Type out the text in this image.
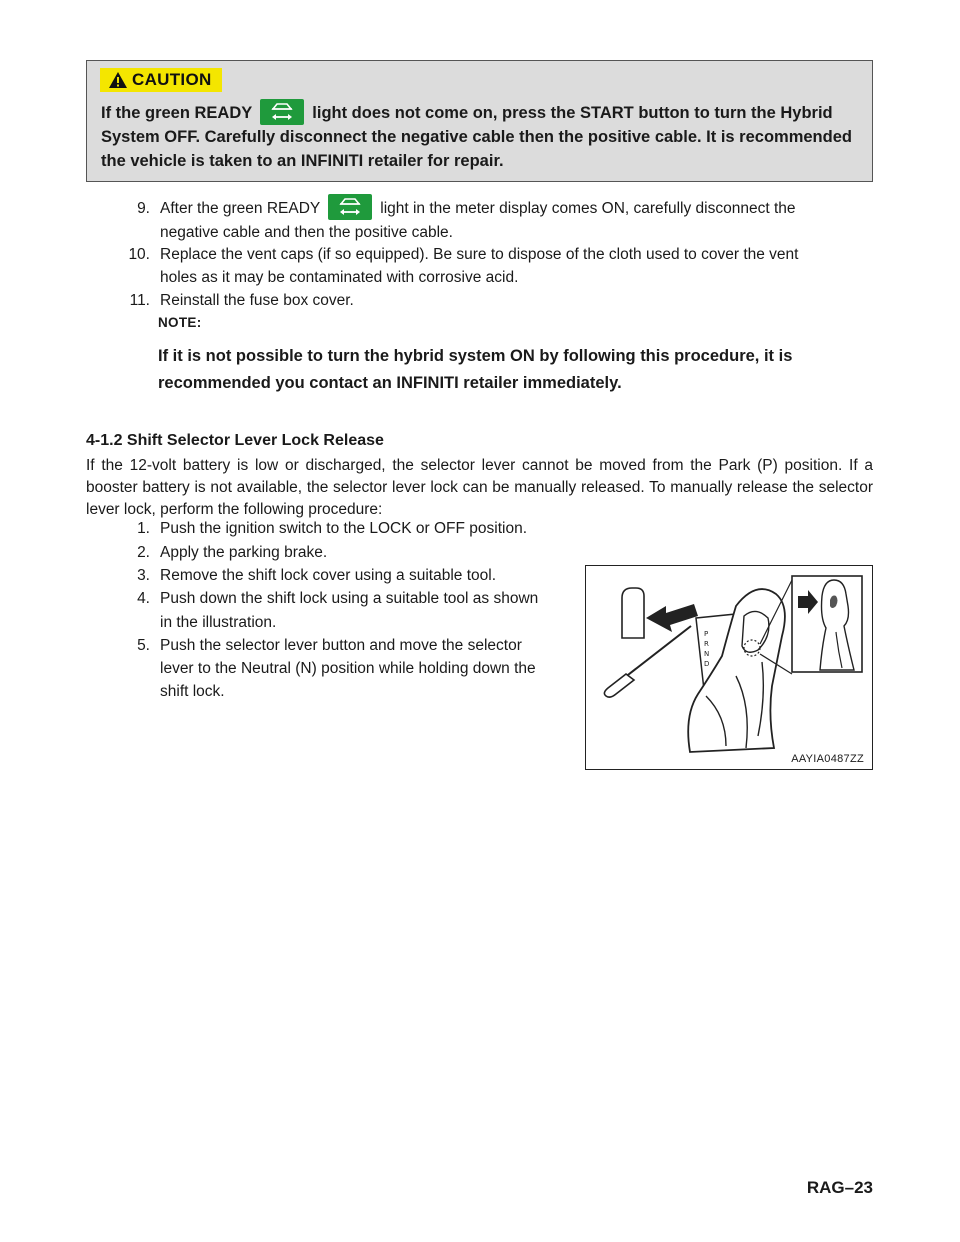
CAUTION
If the green READY	light does not come on, press the START button to turn the Hybrid System OFF. Carefully disconnect the negative cable then the positive cable. It is recommended the vehicle is taken to an INFINITI retailer for repair.
9. After the green READY	light in the meter display comes ON, carefully disconnect the
negative cable and then the positive cable.
10. Replace the vent caps (if so equipped). Be sure to dispose of the cloth used to cover the vent
holes as it may be contaminated with corrosive acid.
11. Reinstall the fuse box cover.
NOTE:
If it is not possible to turn the hybrid system ON by following this procedure, it is
recommended you contact an INFINITI retailer immediately.
4-1.2 Shift Selector Lever Lock Release
If the 12-volt battery is low or discharged, the selector lever cannot be moved from the Park (P) position. If a booster battery is not available, the selector lever lock can be manually released. To manually release the selector lever lock, perform the following procedure:
1. Push the ignition switch to the LOCK or OFF position.
2. Apply the parking brake.
3. Remove the shift lock cover using a suitable tool.
4. Push down the shift lock using a suitable tool as shown
in the illustration.
5. Push the selector lever button and move the selector
lever to the Neutral (N) position while holding down the
shift lock.
P
R
N
D
AAYIA0487ZZ
RAG–23
